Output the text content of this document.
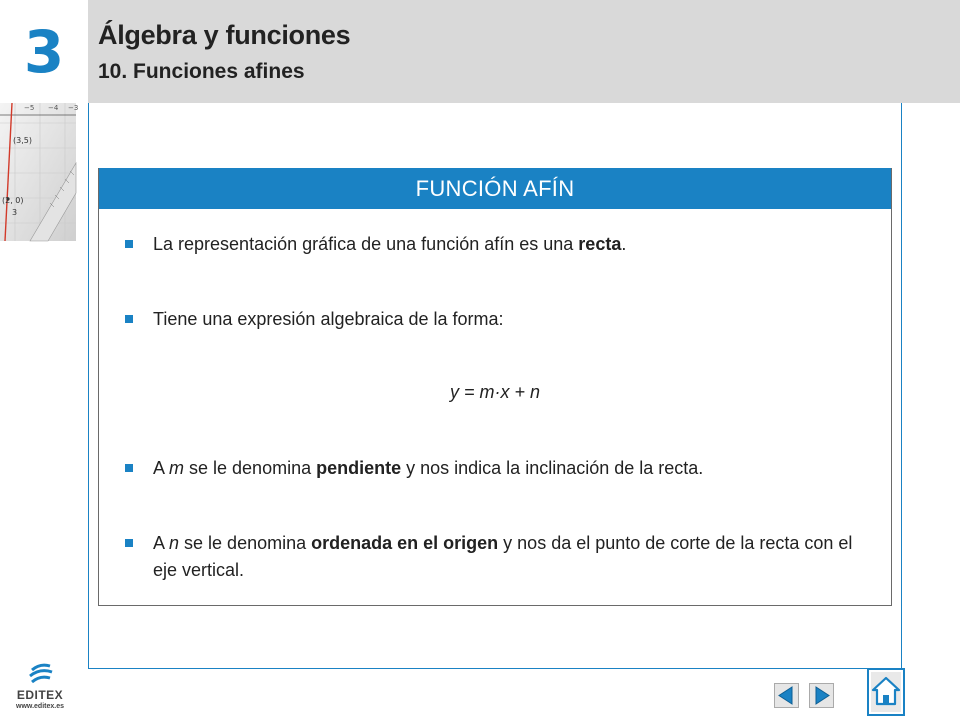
3	Álgebra y funciones
10. Funciones afines
−5 −4 −3
(3,5)
(2, 0)
3
FUNCIÓN AFÍN
La representación gráfica de una función afín es una recta.
Tiene una expresión algebraica de la forma:
y = m·x + n
A m se le denomina pendiente y nos indica la inclinación de la recta.
A n se le denomina ordenada en el origen y nos da el punto de corte de la recta con el eje vertical.
EDITEX
www.editex.es
